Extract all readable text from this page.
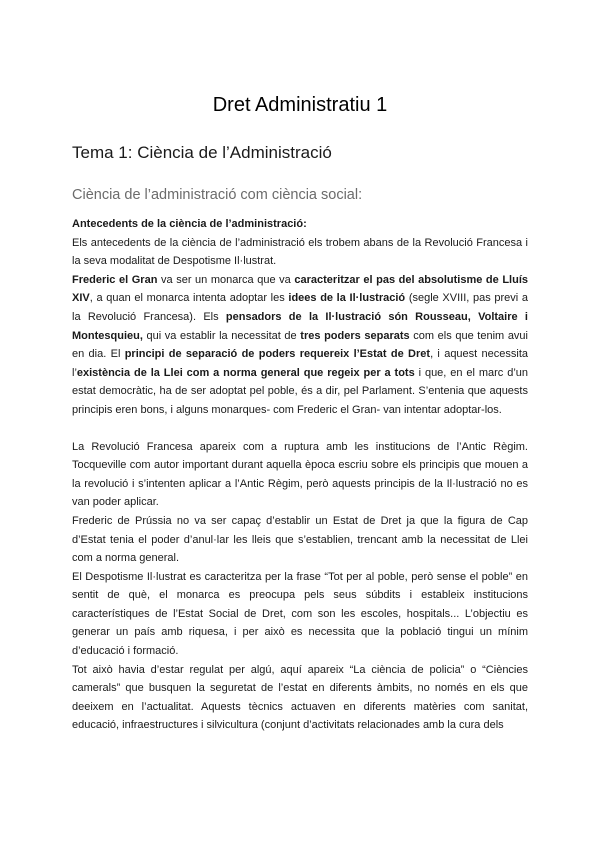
Dret Administratiu 1
Tema 1: Ciència de l’Administració
Ciència de l’administració com ciència social:

Antecedents de la ciència de l’administració:

Els antecedents de la ciència de l’administració els trobem abans de la Revolució Francesa i la seva modalitat de Despotisme Il·lustrat.

Frederic el Gran va ser un monarca que va caracteritzar el pas del absolutisme de Lluís XIV, a quan el monarca intenta adoptar les idees de la Il·lustració (segle XVIII, pas previ a la Revolució Francesa). Els pensadors de la Il·lustració són Rousseau, Voltaire i Montesquieu, qui va establir la necessitat de tres poders separats com els que tenim avui en dia. El principi de separació de poders requereix l’Estat de Dret, i aquest necessita l’existència de la Llei com a norma general que regeix per a tots i que, en el marc d’un estat democràtic, ha de ser adoptat pel poble, és a dir, pel Parlament. S’entenia que aquests principis eren bons, i alguns monarques- com Frederic el Gran- van intentar adoptar-los.

La Revolució Francesa apareix com a ruptura amb les institucions de l’Antic Règim. Tocqueville com autor important durant aquella època escriu sobre els principis que mouen a la revolució i s’intenten aplicar a l’Antic Règim, però aquests principis de la Il·lustració no es van poder aplicar.

Frederic de Prússia no va ser capaç d’establir un Estat de Dret ja que la figura de Cap d’Estat tenia el poder d’anul·lar les lleis que s’establien, trencant amb la necessitat de Llei com a norma general.

El Despotisme Il·lustrat es caracteritza per la frase “Tot per al poble, però sense el poble” en sentit de què, el monarca es preocupa pels seus súbdits i estableix institucions característiques de l’Estat Social de Dret, com son les escoles, hospitals... L’objectiu es generar un país amb riquesa, i per això es necessita que la població tingui un mínim d’educació i formació.

Tot això havia d’estar regulat per algú, aquí apareix “La ciència de policia” o “Ciències camerals” que busquen la seguretat de l’estat en diferents àmbits, no només en els que deeixem en l’actualitat. Aquests tècnics actuaven en diferents matèries com sanitat, educació, infraestructures i silvicultura (conjunt d’activitats relacionades amb la cura dels
